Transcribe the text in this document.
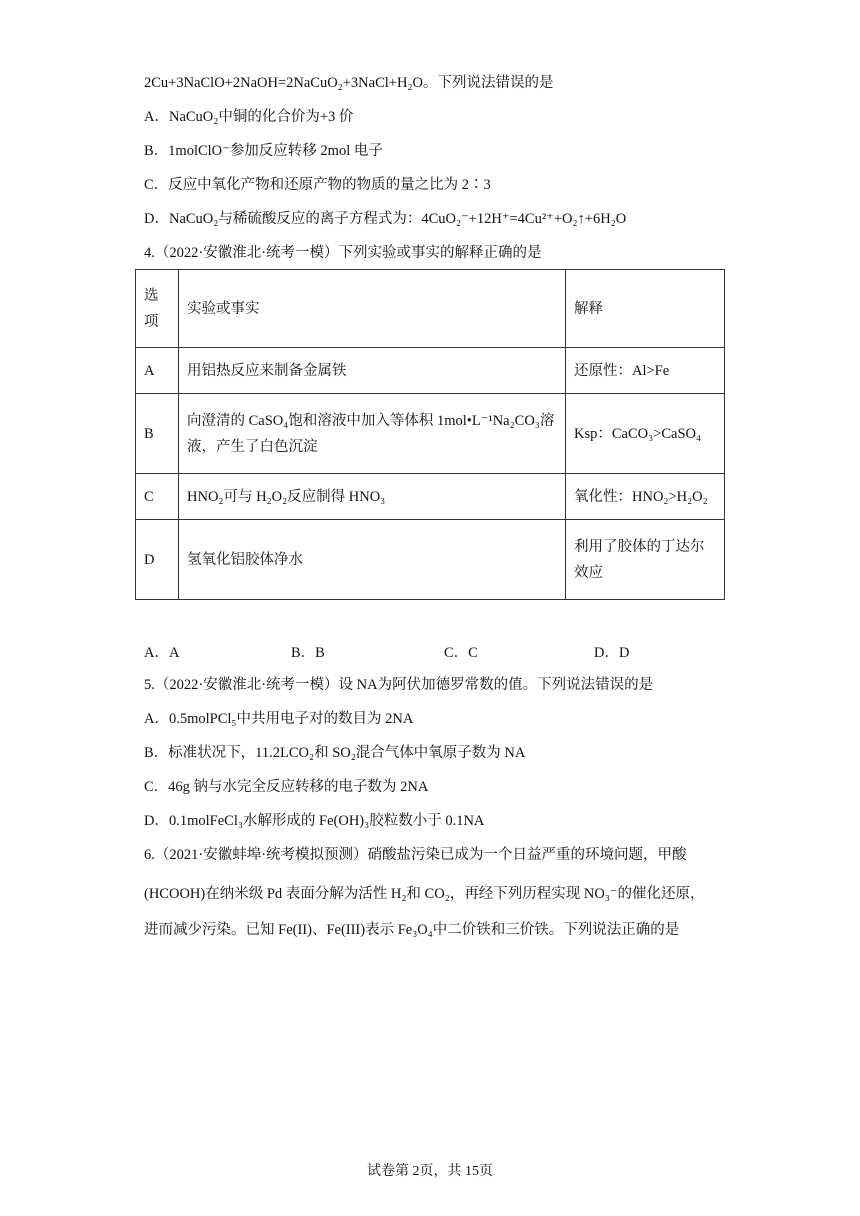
2Cu+3NaClO+2NaOH=2NaCuO₂+3NaCl+H₂O。下列说法错误的是
A．NaCuO₂中铜的化合价为+3 价
B．1molClO⁻参加反应转移 2mol 电子
C．反应中氧化产物和还原产物的物质的量之比为 2∶3
D．NaCuO₂与稀硫酸反应的离子方程式为：4CuO₂⁻+12H⁺=4Cu²⁺+O₂↑+6H₂O
4.（2022·安徽淮北·统考一模）下列实验或事实的解释正确的是
选项	实验或事实	解释
A	用铝热反应来制备金属铁	还原性：Al>Fe
B	向澄清的 CaSO₄饱和溶液中加入等体积 1mol•L⁻¹Na₂CO₃溶液，产生了白色沉淀	Ksp：CaCO₃>CaSO₄
C	HNO₂可与 H₂O₂反应制得 HNO₃	氧化性：HNO₂>H₂O₂
D	氢氧化铝胶体净水	利用了胶体的丁达尔效应
A．A	B．B	C．C	D．D
5.（2022·安徽淮北·统考一模）设 NA为阿伏加德罗常数的值。下列说法错误的是
A．0.5molPCl₅中共用电子对的数目为 2NA
B．标准状况下，11.2LCO₂和 SO₂混合气体中氧原子数为 NA
C．46g 钠与水完全反应转移的电子数为 2NA
D．0.1molFeCl₃水解形成的 Fe(OH)₃胶粒数小于 0.1NA
6.（2021·安徽蚌埠·统考模拟预测）硝酸盐污染已成为一个日益严重的环境问题，甲酸
(HCOOH)在纳米级 Pd 表面分解为活性 H₂和 CO₂，再经下列历程实现 NO₃⁻的催化还原，
进而减少污染。已知 Fe(II)、Fe(III)表示 Fe₃O₄中二价铁和三价铁。下列说法正确的是
试卷第 2页，共 15页
